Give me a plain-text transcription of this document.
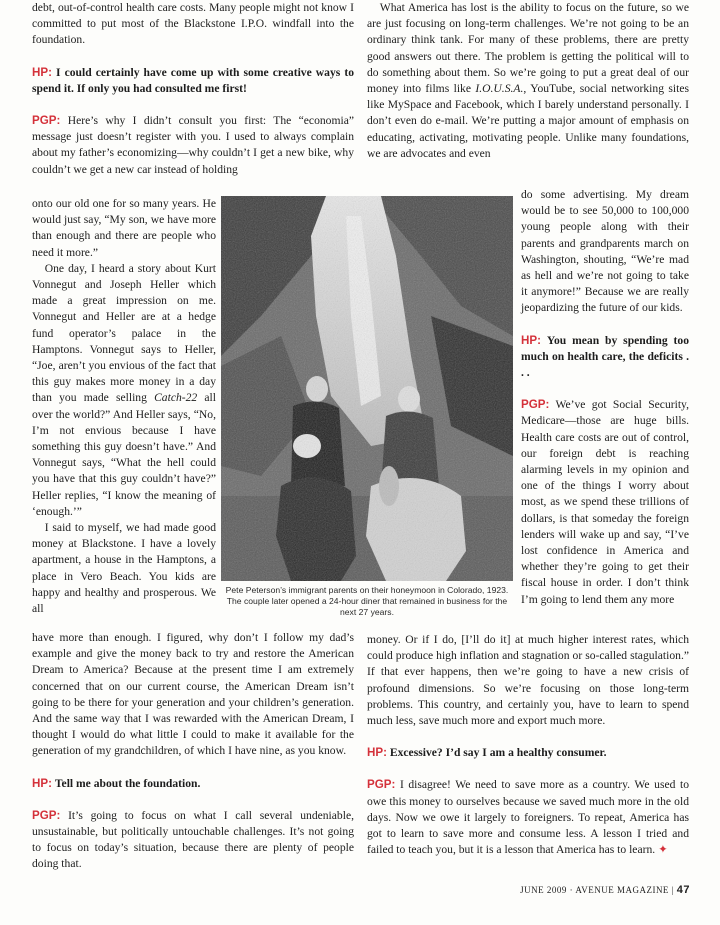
debt, out-of-control health care costs. Many people might not know I committed to put most of the Blackstone I.P.O. windfall into the foundation.

HP: I could certainly have come up with some creative ways to spend it. If only you had consulted me first!

PGP: Here’s why I didn’t consult you first: The “economia” message just doesn’t register with you. I used to always complain about my father’s economizing—why couldn’t I get a new bike, why couldn’t we get a new car instead of holding

onto our old one for so many years. He would just say, “My son, we have more than enough and there are people who need it more.”

One day, I heard a story about Kurt Vonnegut and Joseph Heller which made a great impression on me. Vonnegut and Heller are at a hedge fund operator’s palace in the Hamptons. Vonnegut says to Heller, “Joe, aren’t you envious of the fact that this guy makes more money in a day than you made selling Catch-22 all over the world?” And Heller says, “No, I’m not envious because I have something this guy doesn’t have.” And Vonnegut says, “What the hell could you have that this guy couldn’t have?” Heller replies, “I know the meaning of ‘enough.’”

I said to myself, we had made good money at Blackstone. I have a lovely apartment, a house in the Hamptons, a place in Vero Beach. You kids are happy and healthy and prosperous. We all

Pete Peterson’s immigrant parents on their honeymoon in Colorado, 1923. The couple later opened a 24-hour diner that remained in business for the next 27 years.

have more than enough. I figured, why don’t I follow my dad’s example and give the money back to try and restore the American Dream to America? Because at the present time I am extremely concerned that on our current course, the American Dream isn’t going to be there for your generation and your children’s generation. And the same way that I was rewarded with the American Dream, I thought I would do what little I could to make it available for the generation of my grandchildren, of which I have nine, as you know.

HP: Tell me about the foundation.

PGP: It’s going to focus on what I call several undeniable, unsustainable, but politically untouchable challenges. It’s not going to focus on today’s situation, because there are plenty of people doing that.

What America has lost is the ability to focus on the future, so we are just focusing on long-term challenges. We’re not going to be an ordinary think tank. For many of these problems, there are pretty good answers out there. The problem is getting the political will to do something about them. So we’re going to put a great deal of our money into films like I.O.U.S.A., YouTube, social networking sites like MySpace and Facebook, which I barely understand personally. I don’t even do e-mail. We’re putting a major amount of emphasis on educating, activating, motivating people. Unlike many foundations, we are advocates and even

do some advertising. My dream would be to see 50,000 to 100,000 young people along with their parents and grandparents march on Washington, shouting, “We’re mad as hell and we’re not going to take it anymore!” Because we are really jeopardizing the future of our kids.

HP: You mean by spending too much on health care, the deficits . . .

PGP: We’ve got Social Security, Medicare—those are huge bills. Health care costs are out of control, our foreign debt is reaching alarming levels in my opinion and one of the things I worry about most, as we spend these trillions of dollars, is that someday the foreign lenders will wake up and say, “I’ve lost confidence in America and whether they’re going to get their fiscal house in order. I don’t think I’m going to lend them any more

money. Or if I do, [I’ll do it] at much higher interest rates, which could produce high inflation and stagnation or so-called stagulation.” If that ever happens, then we’re going to have a new crisis of profound dimensions. So we’re focusing on those long-term problems. This country, and certainly you, have to learn to spend much less, save much more and export much more.

HP: Excessive? I’d say I am a healthy consumer.

PGP: I disagree! We need to save more as a country. We used to owe this money to ourselves because we saved much more in the old days. Now we owe it largely to foreigners. To repeat, America has got to learn to save more and consume less. A lesson I tried and failed to teach you, but it is a lesson that America has to learn. ✦

JUNE 2009 · AVENUE MAGAZINE | 47
